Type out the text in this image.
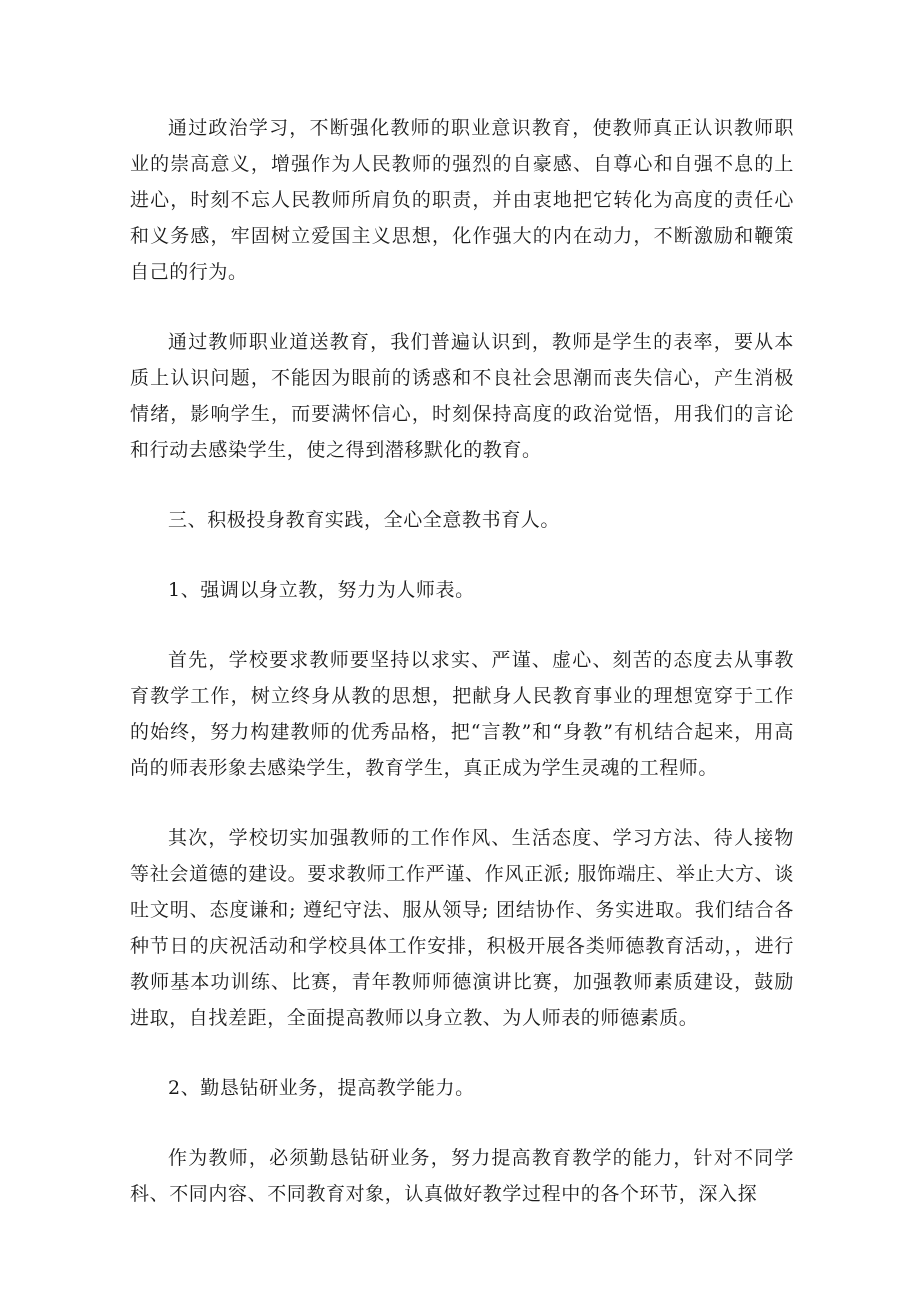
通过政治学习，不断强化教师的职业意识教育，使教师真正认识教师职业的崇高意义，增强作为人民教师的强烈的自豪感、自尊心和自强不息的上进心，时刻不忘人民教师所肩负的职责，并由衷地把它转化为高度的责任心和义务感，牢固树立爱国主义思想，化作强大的内在动力，不断激励和鞭策自己的行为。

通过教师职业道送教育，我们普遍认识到，教师是学生的表率，要从本质上认识问题，不能因为眼前的诱惑和不良社会思潮而丧失信心，产生消极情绪，影响学生，而要满怀信心，时刻保持高度的政治觉悟，用我们的言论和行动去感染学生，使之得到潜移默化的教育。

三、积极投身教育实践，全心全意教书育人。

1、强调以身立教，努力为人师表。

首先，学校要求教师要坚持以求实、严谨、虚心、刻苦的态度去从事教育教学工作，树立终身从教的思想，把献身人民教育事业的理想宽穿于工作的始终，努力构建教师的优秀品格，把“言教”和“身教”有机结合起来，用高尚的师表形象去感染学生，教育学生，真正成为学生灵魂的工程师。

其次，学校切实加强教师的工作作风、生活态度、学习方法、待人接物等社会道德的建设。要求教师工作严谨、作风正派; 服饰端庄、举止大方、谈吐文明、态度谦和; 遵纪守法、服从领导; 团结协作、务实进取。我们结合各种节日的庆祝活动和学校具体工作安排，积极开展各类师德教育活动，，进行教师基本功训练、比赛，青年教师师德演讲比赛，加强教师素质建设，鼓励进取，自找差距，全面提高教师以身立教、为人师表的师德素质。

2、勤恳钻研业务，提高教学能力。

作为教师，必须勤恳钻研业务，努力提高教育教学的能力，针对不同学科、不同内容、不同教育对象，认真做好教学过程中的各个环节，深入探
